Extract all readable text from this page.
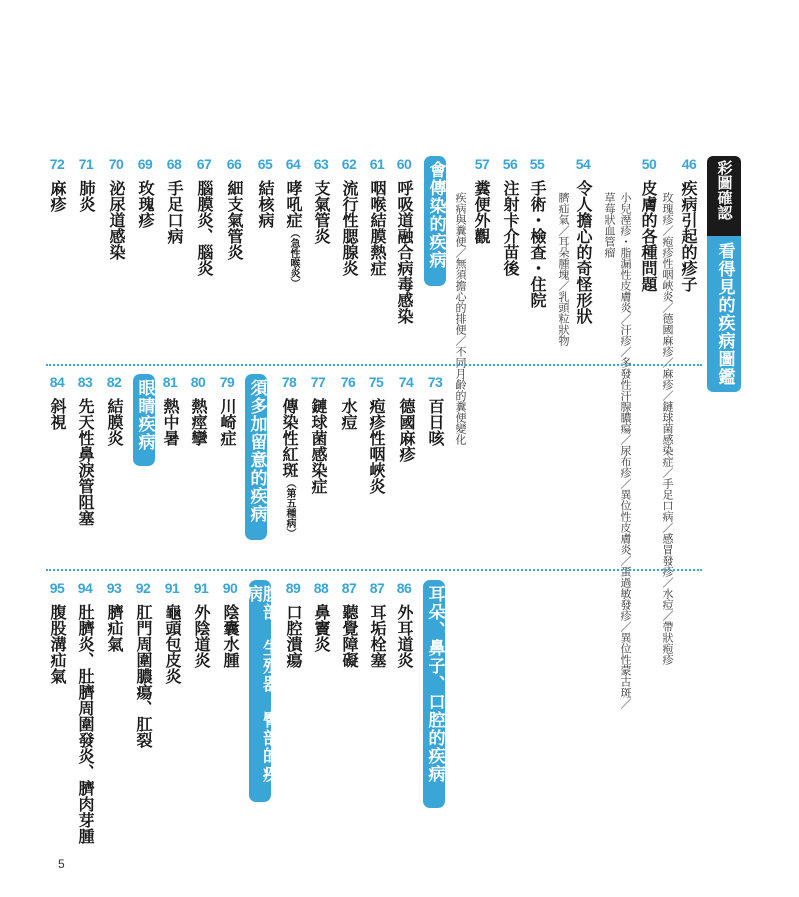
彩圖確認
看得見的疾病圖鑑
46
疾病引起的疹子
玫瑰疹／疱疹性咽峽炎／德國麻疹／麻疹／鏈球菌感染症／手足口病／感冒發疹／水痘／帶狀疱疹
50
皮膚的各種問題
小兒溼疹・脂漏性皮膚炎／汗疹／多發性汗腺膿瘍／尿布疹／異位性皮膚炎／蛋過敏發疹／異位性蒙古斑／
草莓狀血管瘤
54
令人擔心的奇怪形狀
臍疝氣／耳朵腫塊／乳頭粒狀物
55
手術・檢查・住院
56
注射卡介苗後
57
糞便外觀
疾病與糞便／無須擔心的排便／不同月齡的糞便變化
會傳染的疾病
60
呼吸道融合病毒感染
61
咽喉結膜熱症
62
流行性腮腺炎
63
支氣管炎
64
哮吼症（急性喉炎）
65
結核病
66
細支氣管炎
67
腦膜炎、腦炎
68
手足口病
69
玫瑰疹
70
泌尿道感染
71
肺炎
72
麻疹
73
百日咳
74
德國麻疹
75
疱疹性咽峽炎
76
水痘
77
鏈球菌感染症
78
傳染性紅斑（第五種病）
須多加留意的疾病
79
川崎症
80
熱痙攣
81
熱中暑
眼睛疾病
82
結膜炎
83
先天性鼻淚管阻塞
84
斜視
耳朵、鼻子、口腔的疾病
86
外耳道炎
87
耳垢栓塞
87
聽覺障礙
88
鼻竇炎
89
口腔潰瘍
腹部、生殖器、臀部的疾病
90
陰囊水腫
91
外陰道炎
91
龜頭包皮炎
92
肛門周圍膿瘍、肛裂
93
臍疝氣
94
肚臍炎、肚臍周圍發炎、臍肉芽腫
95
腹股溝疝氣
5
